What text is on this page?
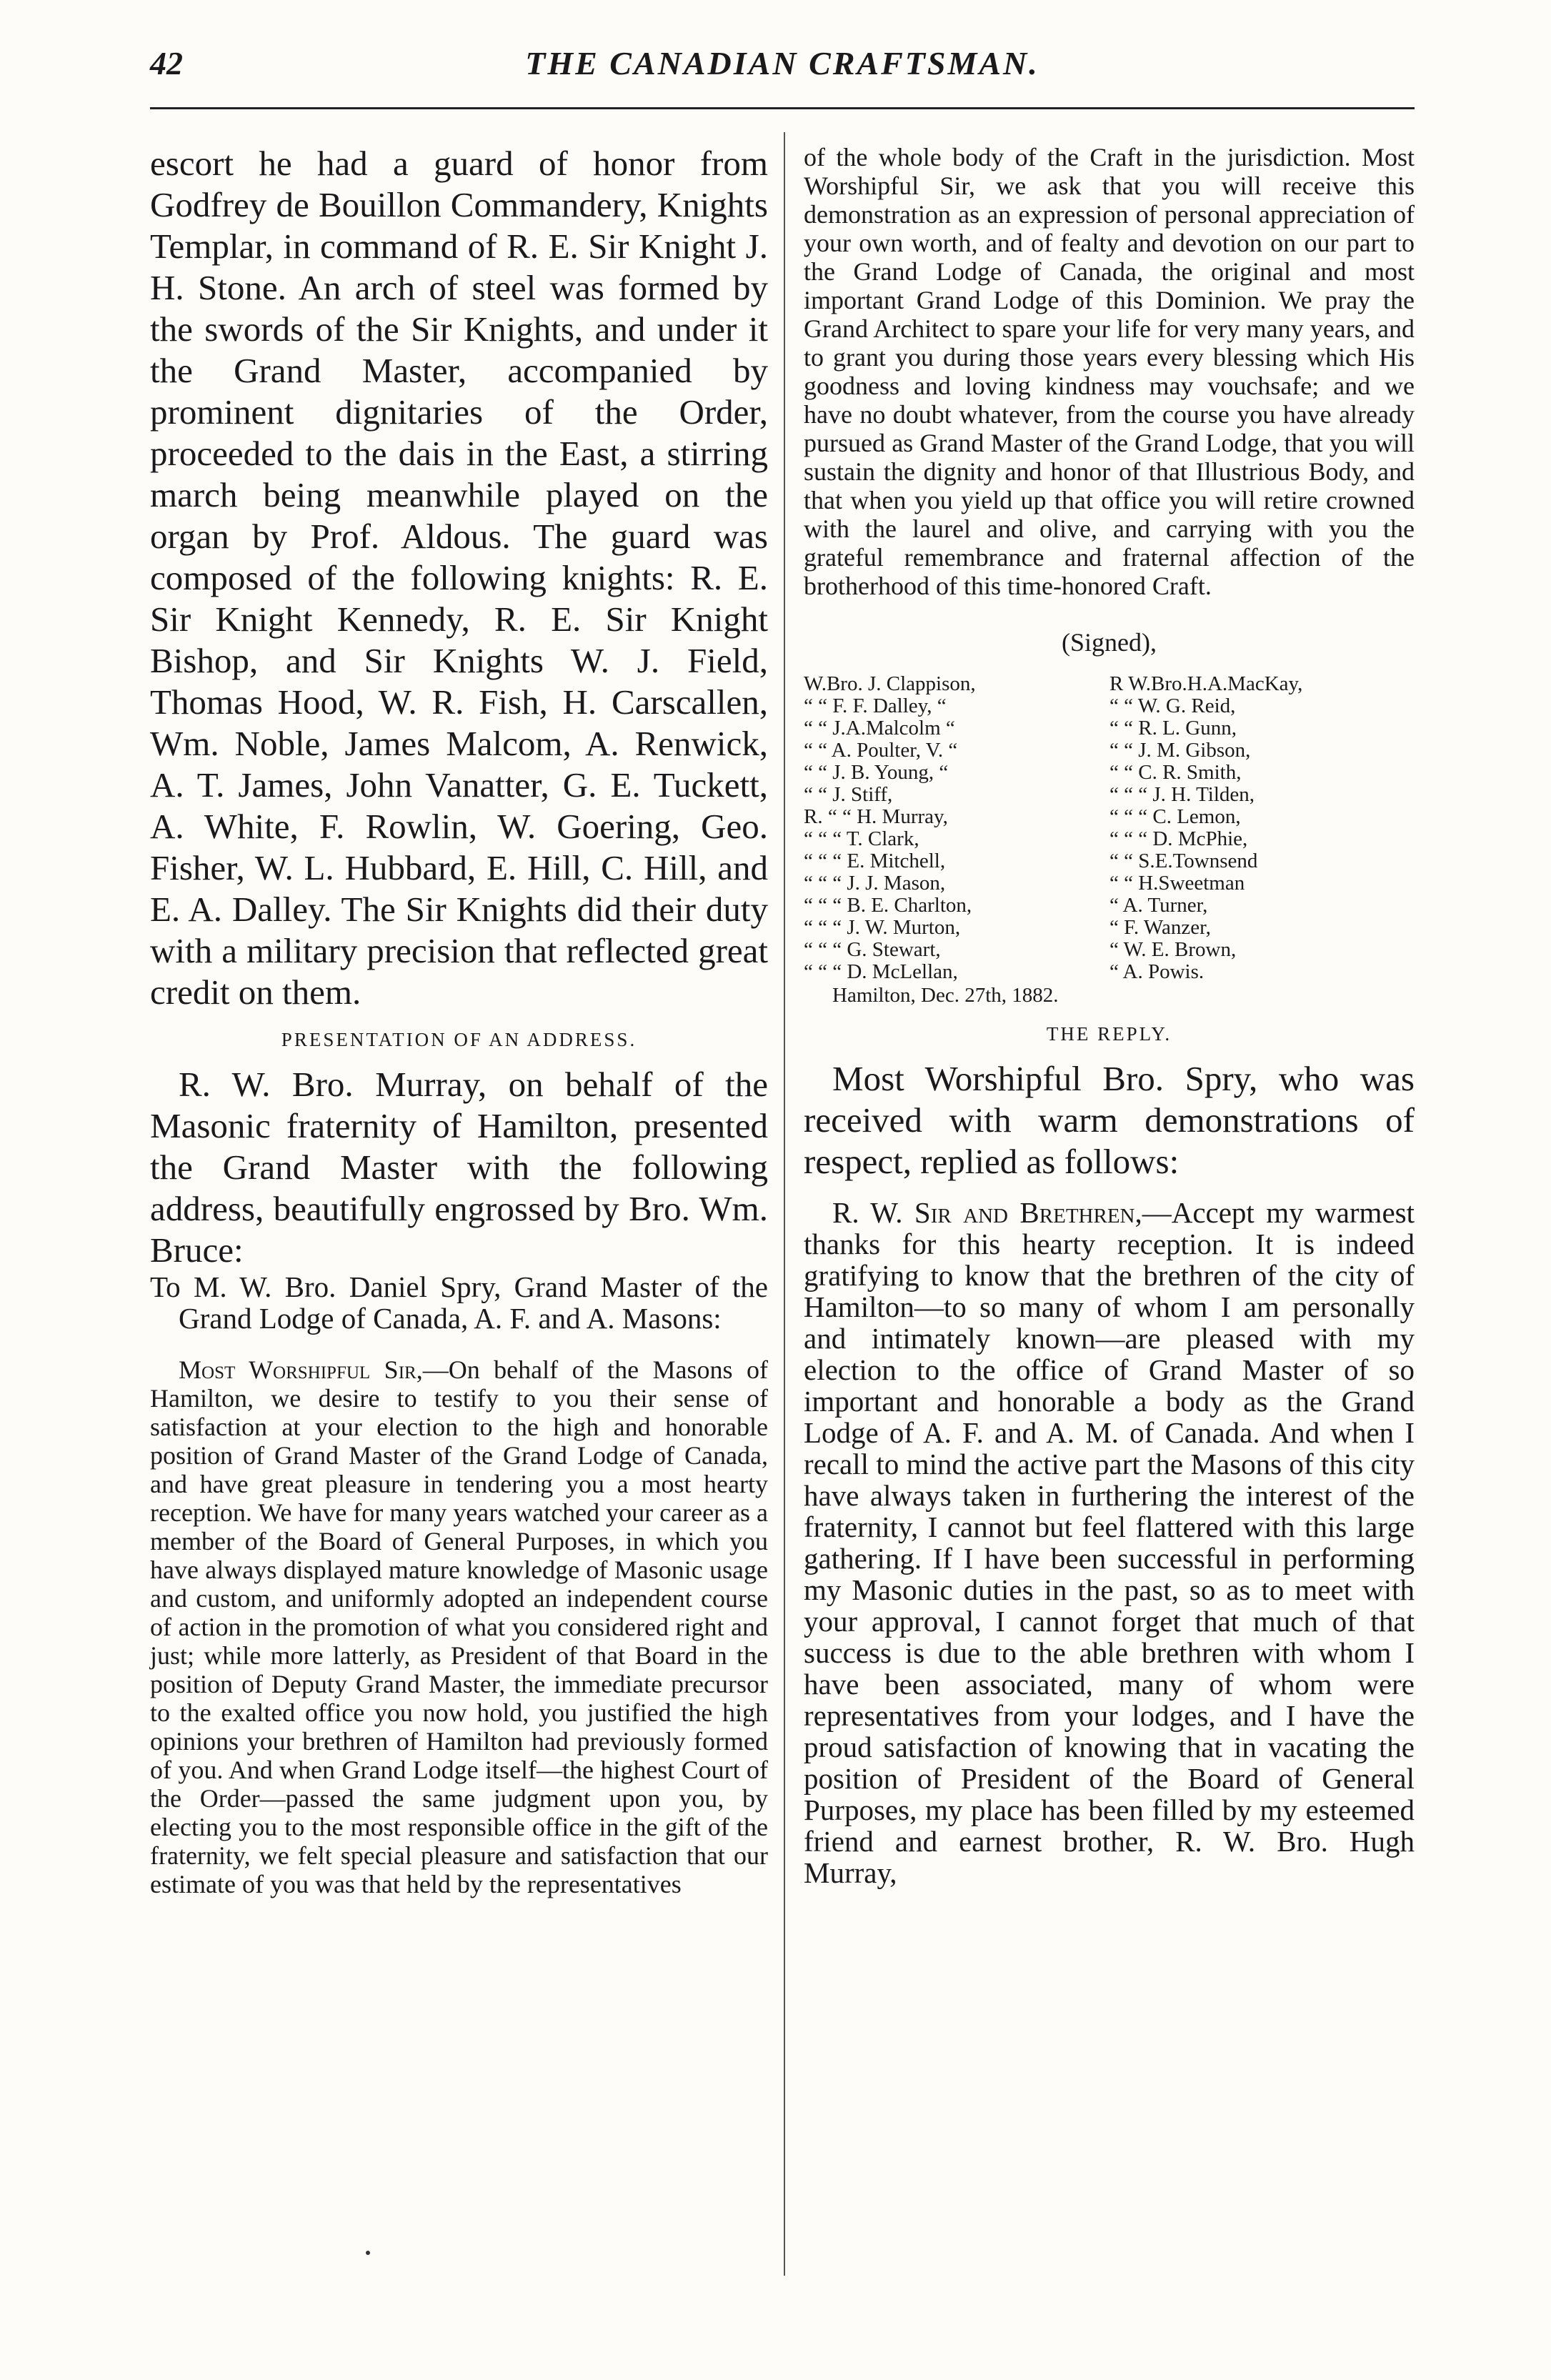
42	THE CANADIAN CRAFTSMAN.

escort he had a guard of honor from Godfrey de Bouillon Commandery, Knights Templar, in command of R. E. Sir Knight J. H. Stone. An arch of steel was formed by the swords of the Sir Knights, and under it the Grand Master, accompanied by prominent dignitaries of the Order, proceeded to the dais in the East, a stirring march being meanwhile played on the organ by Prof. Aldous. The guard was composed of the following knights: R. E. Sir Knight Kennedy, R. E. Sir Knight Bishop, and Sir Knights W. J. Field, Thomas Hood, W. R. Fish, H. Carscallen, Wm. Noble, James Malcom, A. Renwick, A. T. James, John Vanatter, G. E. Tuckett, A. White, F. Rowlin, W. Goering, Geo. Fisher, W. L. Hubbard, E. Hill, C. Hill, and E. A. Dalley. The Sir Knights did their duty with a military precision that reflected great credit on them.

PRESENTATION OF AN ADDRESS.

R. W. Bro. Murray, on behalf of the Masonic fraternity of Hamilton, presented the Grand Master with the following address, beautifully engrossed by Bro. Wm. Bruce:

To M. W. Bro. Daniel Spry, Grand Master of the Grand Lodge of Canada, A. F. and A. Masons:

Most Worshipful Sir,—On behalf of the Masons of Hamilton, we desire to testify to you their sense of satisfaction at your election to the high and honorable position of Grand Master of the Grand Lodge of Canada, and have great pleasure in tendering you a most hearty reception. We have for many years watched your career as a member of the Board of General Purposes, in which you have always displayed mature knowledge of Masonic usage and custom, and uniformly adopted an independent course of action in the promotion of what you considered right and just; while more latterly, as President of that Board in the position of Deputy Grand Master, the immediate precursor to the exalted office you now hold, you justified the high opinions your brethren of Hamilton had previously formed of you. And when Grand Lodge itself—the highest Court of the Order—passed the same judgment upon you, by electing you to the most responsible office in the gift of the fraternity, we felt special pleasure and satisfaction that our estimate of you was that held by the representatives

of the whole body of the Craft in the jurisdiction. Most Worshipful Sir, we ask that you will receive this demonstration as an expression of personal appreciation of your own worth, and of fealty and devotion on our part to the Grand Lodge of Canada, the original and most important Grand Lodge of this Dominion. We pray the Grand Architect to spare your life for very many years, and to grant you during those years every blessing which His goodness and loving kindness may vouchsafe; and we have no doubt whatever, from the course you have already pursued as Grand Master of the Grand Lodge, that you will sustain the dignity and honor of that Illustrious Body, and that when you yield up that office you will retire crowned with the laurel and olive, and carrying with you the grateful remembrance and fraternal affection of the brotherhood of this time-honored Craft.

(Signed),
W.Bro. J. Clappison,	R W.Bro.H.A.MacKay,
“ “ F. F. Dalley, “	“ “ W. G. Reid,
“ “ J.A.Malcolm “	“ “ R. L. Gunn,
“ “ A. Poulter, V. “	“ “ J. M. Gibson,
“ “ J. B. Young, “	“ “ C. R. Smith,
“ “ J. Stiff,	“ “ “ J. H. Tilden,
R. “ “ H. Murray,	“ “ “ C. Lemon,
“ “ “ T. Clark,	“ “ “ D. McPhie,
“ “ “ E. Mitchell,	“ “ S.E.Townsend
“ “ “ J. J. Mason,	“ “ H.Sweetman
“ “ “ B. E. Charlton,	“ A. Turner,
“ “ “ J. W. Murton,	“ F. Wanzer,
“ “ “ G. Stewart,	“ W. E. Brown,
“ “ “ D. McLellan,	“ A. Powis.
Hamilton, Dec. 27th, 1882.
THE REPLY.

Most Worshipful Bro. Spry, who was received with warm demonstrations of respect, replied as follows:

R. W. Sir and Brethren,—Accept my warmest thanks for this hearty reception. It is indeed gratifying to know that the brethren of the city of Hamilton—to so many of whom I am personally and intimately known—are pleased with my election to the office of Grand Master of so important and honorable a body as the Grand Lodge of A. F. and A. M. of Canada. And when I recall to mind the active part the Masons of this city have always taken in furthering the interest of the fraternity, I cannot but feel flattered with this large gathering. If I have been successful in performing my Masonic duties in the past, so as to meet with your approval, I cannot forget that much of that success is due to the able brethren with whom I have been associated, many of whom were representatives from your lodges, and I have the proud satisfaction of knowing that in vacating the position of President of the Board of General Purposes, my place has been filled by my esteemed friend and earnest brother, R. W. Bro. Hugh Murray,
